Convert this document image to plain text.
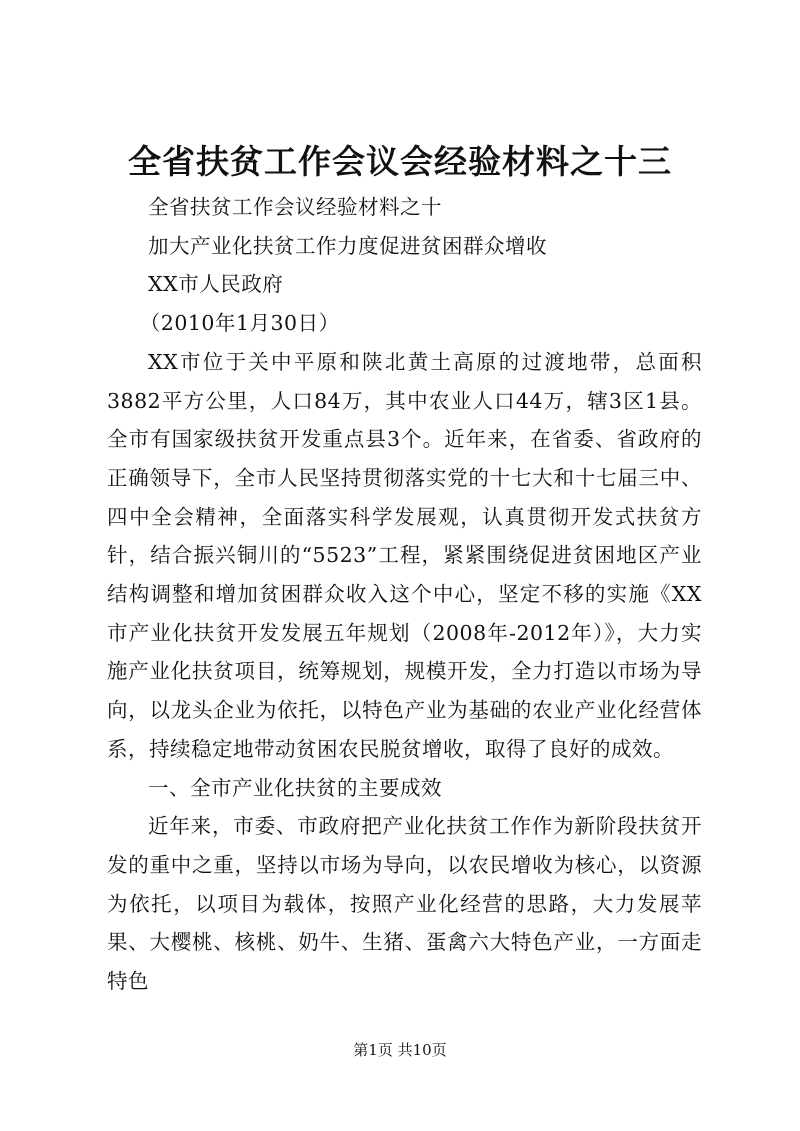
全省扶贫工作会议会经验材料之十三

全省扶贫工作会议经验材料之十

加大产业化扶贫工作力度促进贫困群众增收

XX市人民政府

（2010年1月30日）

XX市位于关中平原和陕北黄土高原的过渡地带，总面积3882平方公里，人口84万，其中农业人口44万，辖3区1县。全市有国家级扶贫开发重点县3个。近年来，在省委、省政府的正确领导下，全市人民坚持贯彻落实党的十七大和十七届三中、四中全会精神，全面落实科学发展观，认真贯彻开发式扶贫方针，结合振兴铜川的“5523”工程，紧紧围绕促进贫困地区产业结构调整和增加贫困群众收入这个中心，坚定不移的实施《XX市产业化扶贫开发发展五年规划（2008年-2012年）》，大力实施产业化扶贫项目，统筹规划，规模开发，全力打造以市场为导向，以龙头企业为依托，以特色产业为基础的农业产业化经营体系，持续稳定地带动贫困农民脱贫增收，取得了良好的成效。

一、全市产业化扶贫的主要成效

近年来，市委、市政府把产业化扶贫工作作为新阶段扶贫开发的重中之重，坚持以市场为导向，以农民增收为核心，以资源为依托，以项目为载体，按照产业化经营的思路，大力发展苹果、大樱桃、核桃、奶牛、生猪、蛋禽六大特色产业，一方面走特色

第1页 共10页
